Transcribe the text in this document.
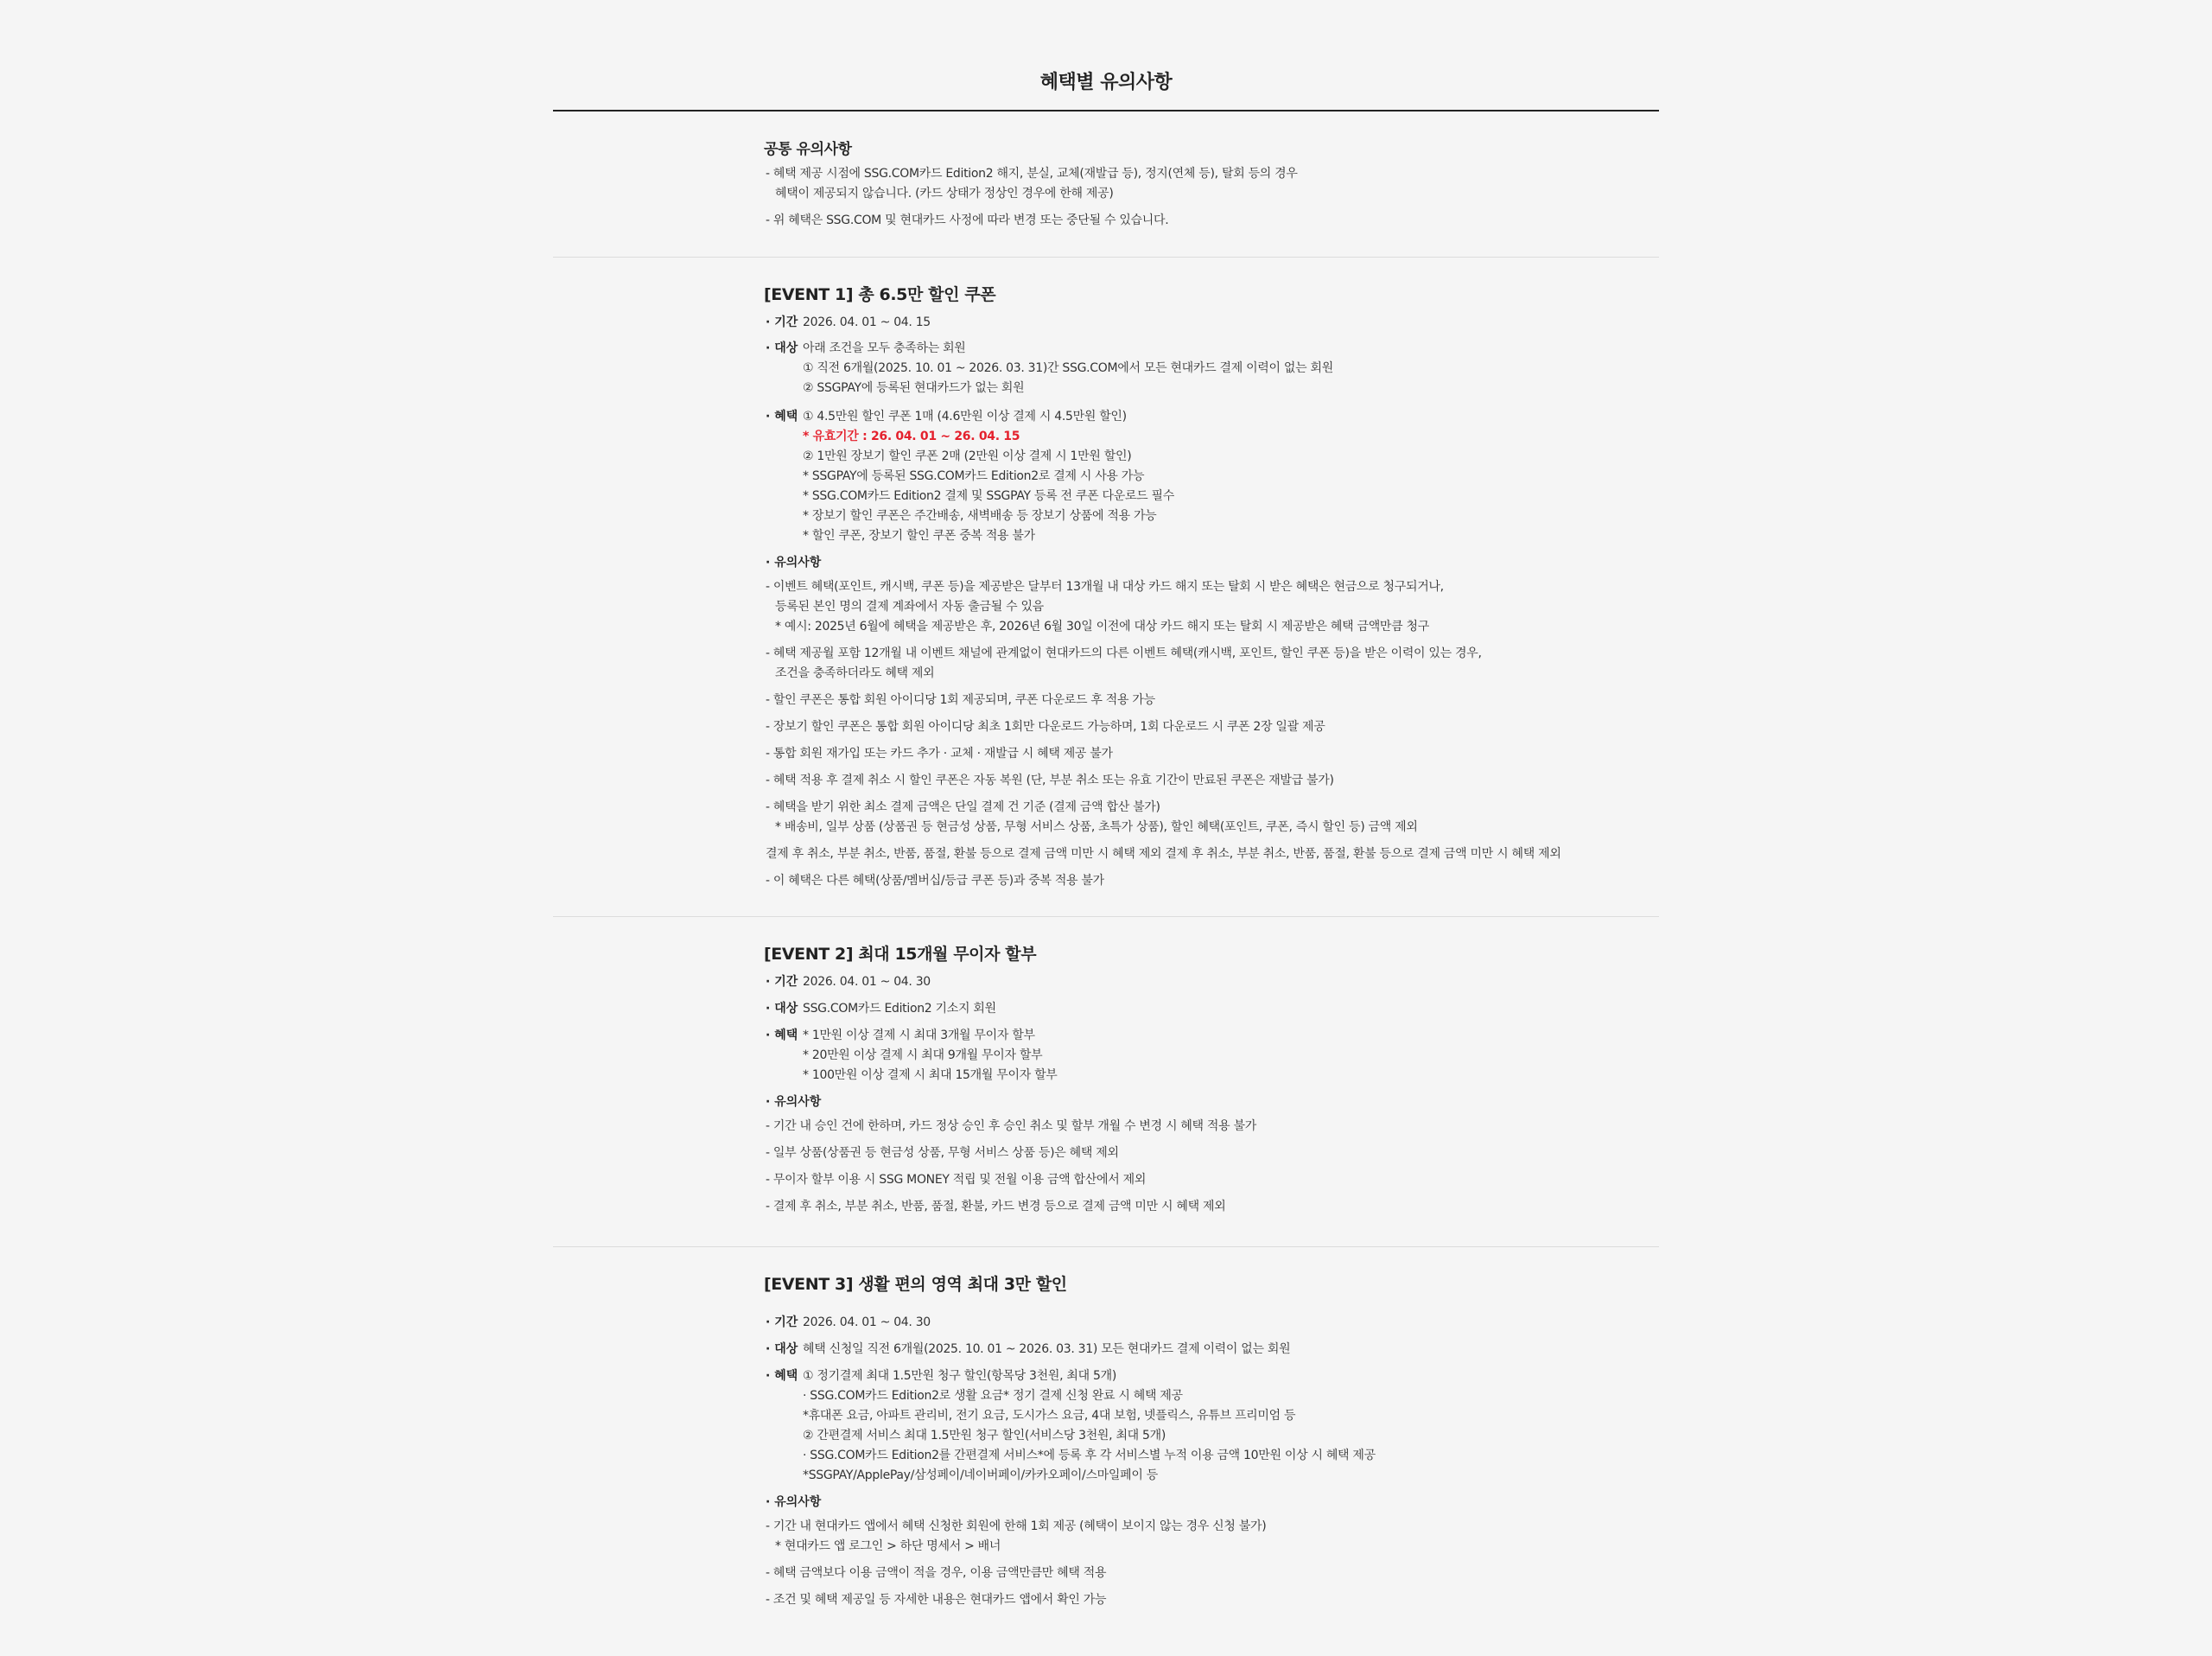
혜택별 유의사항
공통 유의사항
- 혜택 제공 시점에 SSG.COM카드 Edition2 해지, 분실, 교체(재발급 등), 정지(연체 등), 탈회 등의 경우
혜택이 제공되지 않습니다. (카드 상태가 정상인 경우에 한해 제공)
- 위 혜택은 SSG.COM 및 현대카드 사정에 따라 변경 또는 중단될 수 있습니다.
[EVENT 1] 총 6.5만 할인 쿠폰
· 기간 2026. 04. 01 ~ 04. 15
· 대상 아래 조건을 모두 충족하는 회원
① 직전 6개월(2025. 10. 01 ~ 2026. 03. 31)간 SSG.COM에서 모든 현대카드 결제 이력이 없는 회원
② SSGPAY에 등록된 현대카드가 없는 회원
· 혜택 ① 4.5만원 할인 쿠폰 1매 (4.6만원 이상 결제 시 4.5만원 할인)
* 유효기간 : 26. 04. 01 ~ 26. 04. 15
② 1만원 장보기 할인 쿠폰 2매 (2만원 이상 결제 시 1만원 할인)
* SSGPAY에 등록된 SSG.COM카드 Edition2로 결제 시 사용 가능
* SSG.COM카드 Edition2 결제 및 SSGPAY 등록 전 쿠폰 다운로드 필수
* 장보기 할인 쿠폰은 주간배송, 새벽배송 등 장보기 상품에 적용 가능
* 할인 쿠폰, 장보기 할인 쿠폰 중복 적용 불가
· 유의사항
- 이벤트 혜택(포인트, 캐시백, 쿠폰 등)을 제공받은 달부터 13개월 내 대상 카드 해지 또는 탈회 시 받은 혜택은 현금으로 청구되거나,
등록된 본인 명의 결제 계좌에서 자동 출금될 수 있음
* 예시: 2025년 6월에 혜택을 제공받은 후, 2026년 6월 30일 이전에 대상 카드 해지 또는 탈회 시 제공받은 혜택 금액만큼 청구
- 혜택 제공월 포함 12개월 내 이벤트 채널에 관계없이 현대카드의 다른 이벤트 혜택(캐시백, 포인트, 할인 쿠폰 등)을 받은 이력이 있는 경우,
조건을 충족하더라도 혜택 제외
- 할인 쿠폰은 통합 회원 아이디당 1회 제공되며, 쿠폰 다운로드 후 적용 가능
- 장보기 할인 쿠폰은 통합 회원 아이디당 최초 1회만 다운로드 가능하며, 1회 다운로드 시 쿠폰 2장 일괄 제공
- 통합 회원 재가입 또는 카드 추가 · 교체 · 재발급 시 혜택 제공 불가
- 혜택 적용 후 결제 취소 시 할인 쿠폰은 자동 복원 (단, 부분 취소 또는 유효 기간이 만료된 쿠폰은 재발급 불가)
- 혜택을 받기 위한 최소 결제 금액은 단일 결제 건 기준 (결제 금액 합산 불가)
* 배송비, 일부 상품 (상품권 등 현금성 상품, 무형 서비스 상품, 초특가 상품), 할인 혜택(포인트, 쿠폰, 즉시 할인 등) 금액 제외
결제 후 취소, 부분 취소, 반품, 품절, 환불 등으로 결제 금액 미만 시 혜택 제외 결제 후 취소, 부분 취소, 반품, 품절, 환불 등으로 결제 금액 미만 시 혜택 제외
- 이 혜택은 다른 혜택(상품/멤버십/등급 쿠폰 등)과 중복 적용 불가
[EVENT 2] 최대 15개월 무이자 할부
· 기간 2026. 04. 01 ~ 04. 30
· 대상 SSG.COM카드 Edition2 기소지 회원
· 혜택 * 1만원 이상 결제 시 최대 3개월 무이자 할부
* 20만원 이상 결제 시 최대 9개월 무이자 할부
* 100만원 이상 결제 시 최대 15개월 무이자 할부
· 유의사항
- 기간 내 승인 건에 한하며, 카드 정상 승인 후 승인 취소 및 할부 개월 수 변경 시 혜택 적용 불가
- 일부 상품(상품권 등 현금성 상품, 무형 서비스 상품 등)은 혜택 제외
- 무이자 할부 이용 시 SSG MONEY 적립 및 전월 이용 금액 합산에서 제외
- 결제 후 취소, 부분 취소, 반품, 품절, 환불, 카드 변경 등으로 결제 금액 미만 시 혜택 제외
[EVENT 3] 생활 편의 영역 최대 3만 할인
· 기간 2026. 04. 01 ~ 04. 30
· 대상 혜택 신청일 직전 6개월(2025. 10. 01 ~ 2026. 03. 31) 모든 현대카드 결제 이력이 없는 회원
· 혜택 ① 정기결제 최대 1.5만원 청구 할인(항목당 3천원, 최대 5개)
· SSG.COM카드 Edition2로 생활 요금* 정기 결제 신청 완료 시 혜택 제공
*휴대폰 요금, 아파트 관리비, 전기 요금, 도시가스 요금, 4대 보험, 넷플릭스, 유튜브 프리미엄 등
② 간편결제 서비스 최대 1.5만원 청구 할인(서비스당 3천원, 최대 5개)
· SSG.COM카드 Edition2를 간편결제 서비스*에 등록 후 각 서비스별 누적 이용 금액 10만원 이상 시 혜택 제공
*SSGPAY/ApplePay/삼성페이/네이버페이/카카오페이/스마일페이 등
· 유의사항
- 기간 내 현대카드 앱에서 혜택 신청한 회원에 한해 1회 제공 (혜택이 보이지 않는 경우 신청 불가)
* 현대카드 앱 로그인 > 하단 명세서 > 배너
- 혜택 금액보다 이용 금액이 적을 경우, 이용 금액만큼만 혜택 적용
- 조건 및 혜택 제공일 등 자세한 내용은 현대카드 앱에서 확인 가능
